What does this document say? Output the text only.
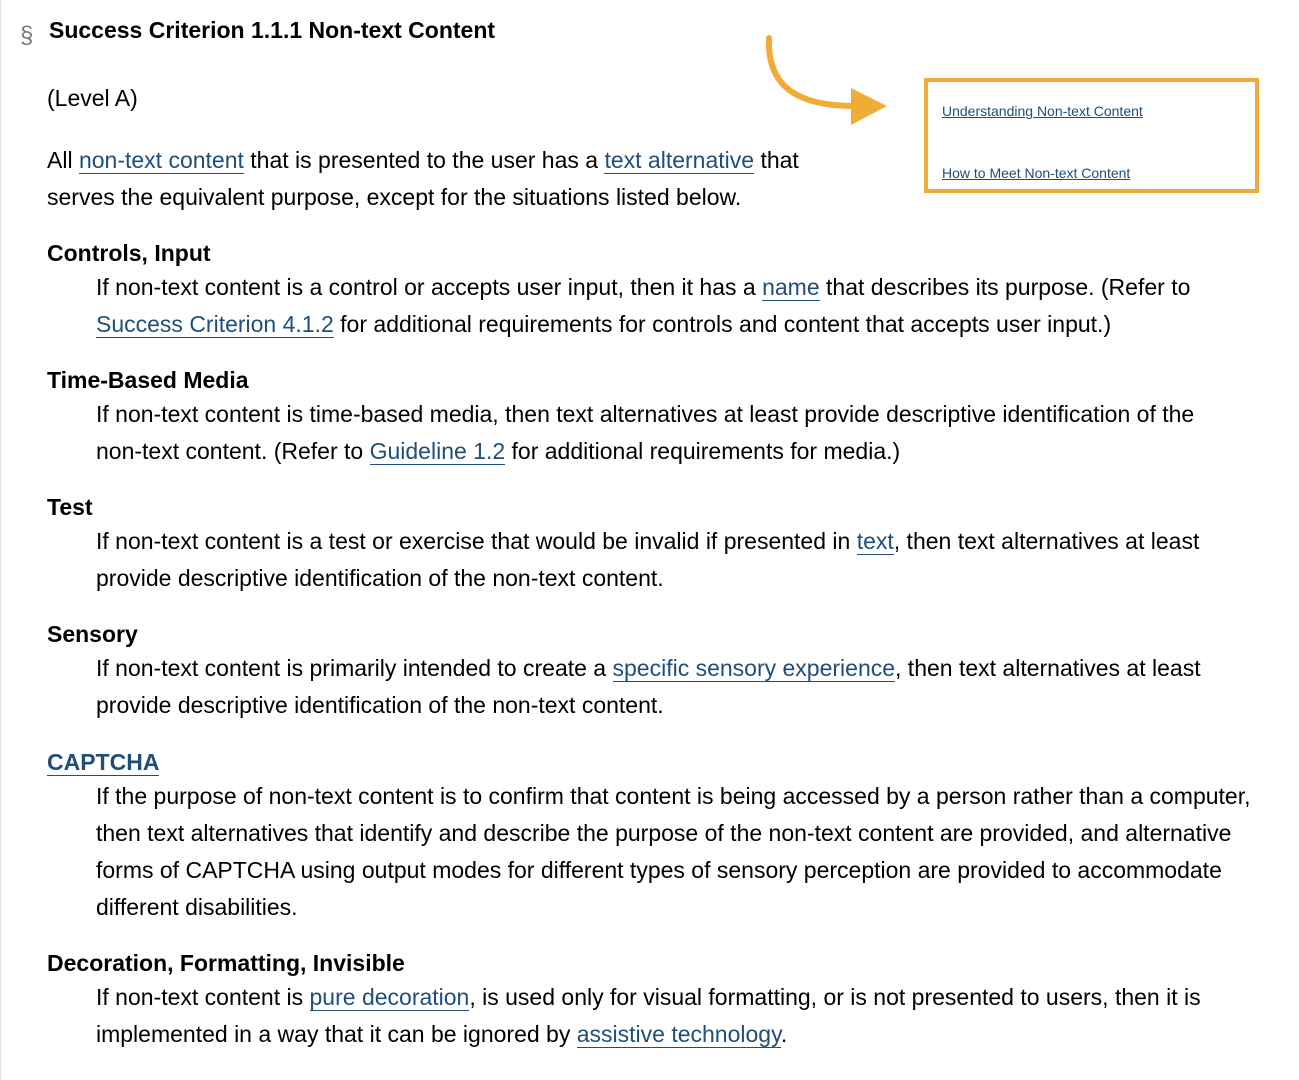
§ Success Criterion 1.1.1 Non-text Content

(Level A)

All non-text content that is presented to the user has a text alternative that serves the equivalent purpose, except for the situations listed below.

Understanding Non-text Content
How to Meet Non-text Content
Controls, Input

If non-text content is a control or accepts user input, then it has a name that describes its purpose. (Refer to Success Criterion 4.1.2 for additional requirements for controls and content that accepts user input.)

Time-Based Media

If non-text content is time-based media, then text alternatives at least provide descriptive identification of the non-text content. (Refer to Guideline 1.2 for additional requirements for media.)

Test

If non-text content is a test or exercise that would be invalid if presented in text, then text alternatives at least provide descriptive identification of the non-text content.

Sensory

If non-text content is primarily intended to create a specific sensory experience, then text alternatives at least provide descriptive identification of the non-text content.

CAPTCHA

If the purpose of non-text content is to confirm that content is being accessed by a person rather than a computer, then text alternatives that identify and describe the purpose of the non-text content are provided, and alternative forms of CAPTCHA using output modes for different types of sensory perception are provided to accommodate different disabilities.

Decoration, Formatting, Invisible

If non-text content is pure decoration, is used only for visual formatting, or is not presented to users, then it is implemented in a way that it can be ignored by assistive technology.
